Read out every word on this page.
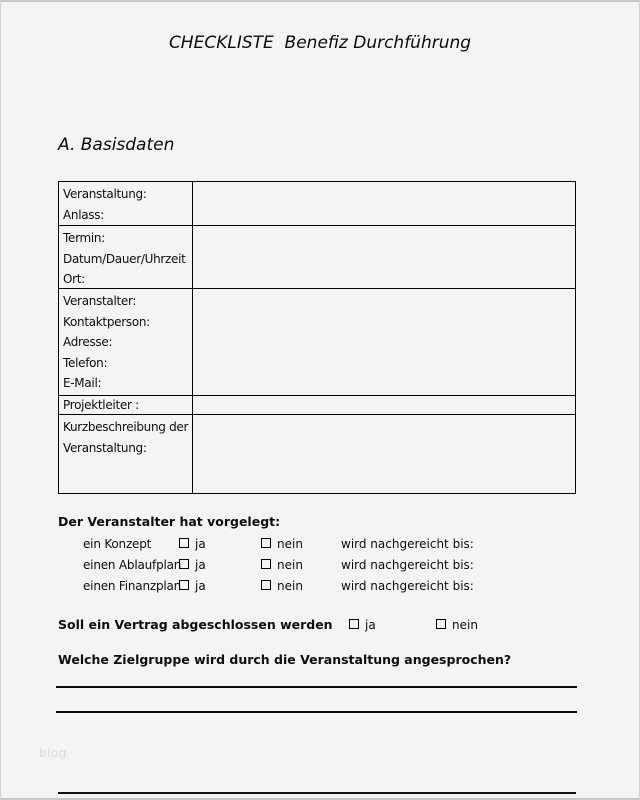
CHECKLISTE  Benefiz Durchführung
A. Basisdaten
Veranstaltung:
Anlass:
Termin:
Datum/Dauer/Uhrzeit
Ort:
Veranstalter:
Kontaktperson:
Adresse:
Telefon:
E-Mail:
Projektleiter :
Kurzbeschreibung der
Veranstaltung:
Der Veranstalter hat vorgelegt:
ein Konzept	ja	nein	wird nachgereicht bis:
einen Ablaufplan	ja	nein	wird nachgereicht bis:
einen Finanzplan	ja	nein	wird nachgereicht bis:
Soll ein Vertrag abgeschlossen werden	ja	nein
Welche Zielgruppe wird durch die Veranstaltung angesprochen?
blog
